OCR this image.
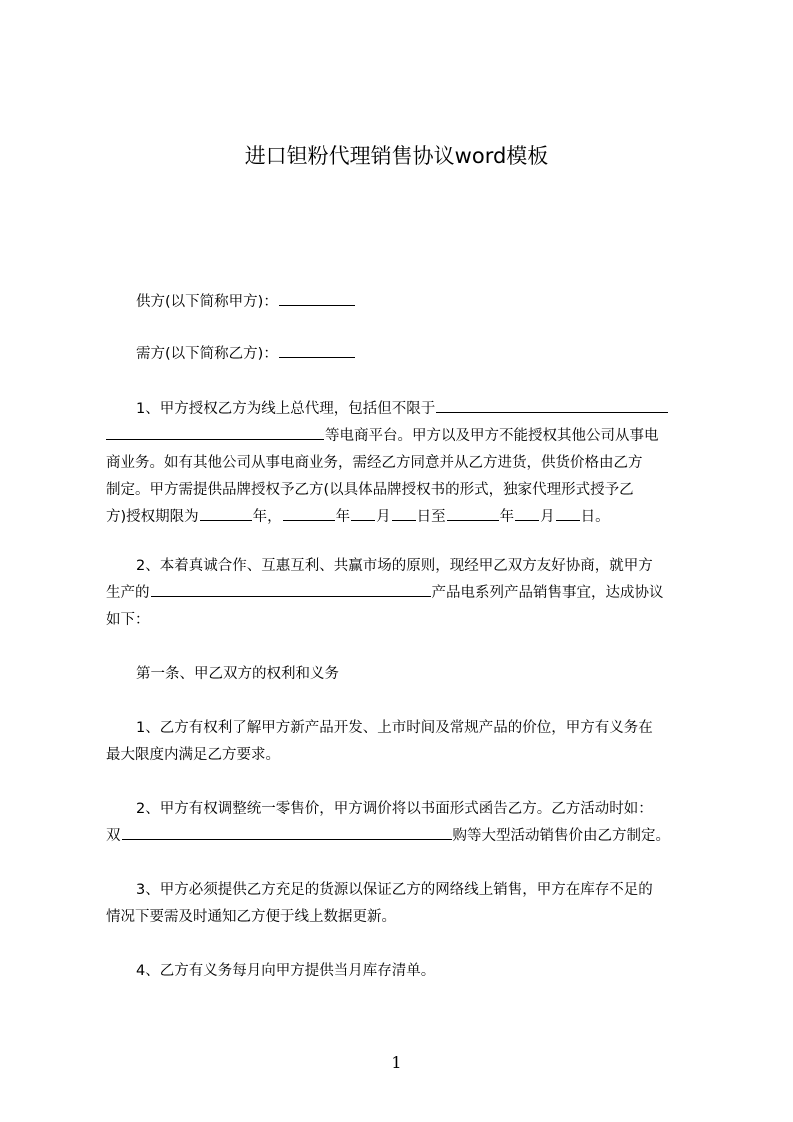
进口钽粉代理销售协议word模板
供方(以下简称甲方)：
需方(以下简称乙方)：
1、甲方授权乙方为线上总代理，包括但不限于
等电商平台。甲方以及甲方不能授权其他公司从事电
商业务。如有其他公司从事电商业务，需经乙方同意并从乙方进货，供货价格由乙方
制定。甲方需提供品牌授权予乙方(以具体品牌授权书的形式，独家代理形式授予乙
方)授权期限为	年，	年 月 日至	年 月 日。
2、本着真诚合作、互惠互利、共赢市场的原则，现经甲乙双方友好协商，就甲方
生产的	产品电系列产品销售事宜，达成协议
如下：
第一条、甲乙双方的权利和义务
1、乙方有权利了解甲方新产品开发、上市时间及常规产品的价位，甲方有义务在
最大限度内满足乙方要求。
2、甲方有权调整统一零售价，甲方调价将以书面形式函告乙方。乙方活动时如：
双	购等大型活动销售价由乙方制定。
3、甲方必须提供乙方充足的货源以保证乙方的网络线上销售，甲方在库存不足的
情况下要需及时通知乙方便于线上数据更新。
4、乙方有义务每月向甲方提供当月库存清单。
1
